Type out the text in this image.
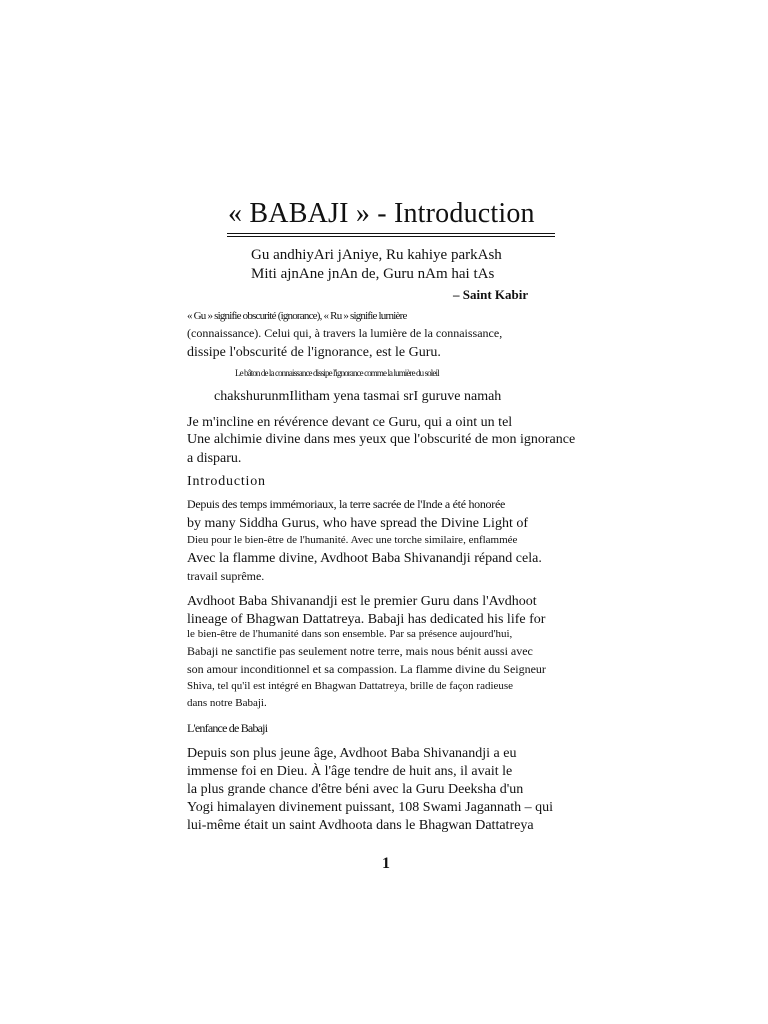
« BABAJI » - Introduction
Gu andhiyAri jAniye, Ru kahiye parkAsh
Miti ajnAne jnAn de, Guru nAm hai tAs
– Saint Kabir
« Gu » signifie obscurité (ignorance), « Ru » signifie lumière
(connaissance). Celui qui, à travers la lumière de la connaissance,
dissipe l'obscurité de l'ignorance, est le Guru.
Le bâton de la connaissance dissipe l'ignorance comme la lumière du soleil
chakshurunmIlitham yena tasmai srI guruve namah
Je m'incline en révérence devant ce Guru, qui a oint un tel
Une alchimie divine dans mes yeux que l'obscurité de mon ignorance
a disparu.
Introduction
Depuis des temps immémoriaux, la terre sacrée de l'Inde a été honorée
by many Siddha Gurus, who have spread the Divine Light of
Dieu pour le bien-être de l'humanité. Avec une torche similaire, enflammée
Avec la flamme divine, Avdhoot Baba Shivanandji répand cela.
travail suprême.
Avdhoot Baba Shivanandji est le premier Guru dans l'Avdhoot
lineage of Bhagwan Dattatreya. Babaji has dedicated his life for
le bien-être de l'humanité dans son ensemble. Par sa présence aujourd'hui,
Babaji ne sanctifie pas seulement notre terre, mais nous bénit aussi avec
son amour inconditionnel et sa compassion. La flamme divine du Seigneur
Shiva, tel qu'il est intégré en Bhagwan Dattatreya, brille de façon radieuse
dans notre Babaji.
L'enfance de Babaji
Depuis son plus jeune âge, Avdhoot Baba Shivanandji a eu
immense foi en Dieu. À l'âge tendre de huit ans, il avait le
la plus grande chance d'être béni avec la Guru Deeksha d'un
Yogi himalayen divinement puissant, 108 Swami Jagannath – qui
lui-même était un saint Avdhoota dans le Bhagwan Dattatreya
1
